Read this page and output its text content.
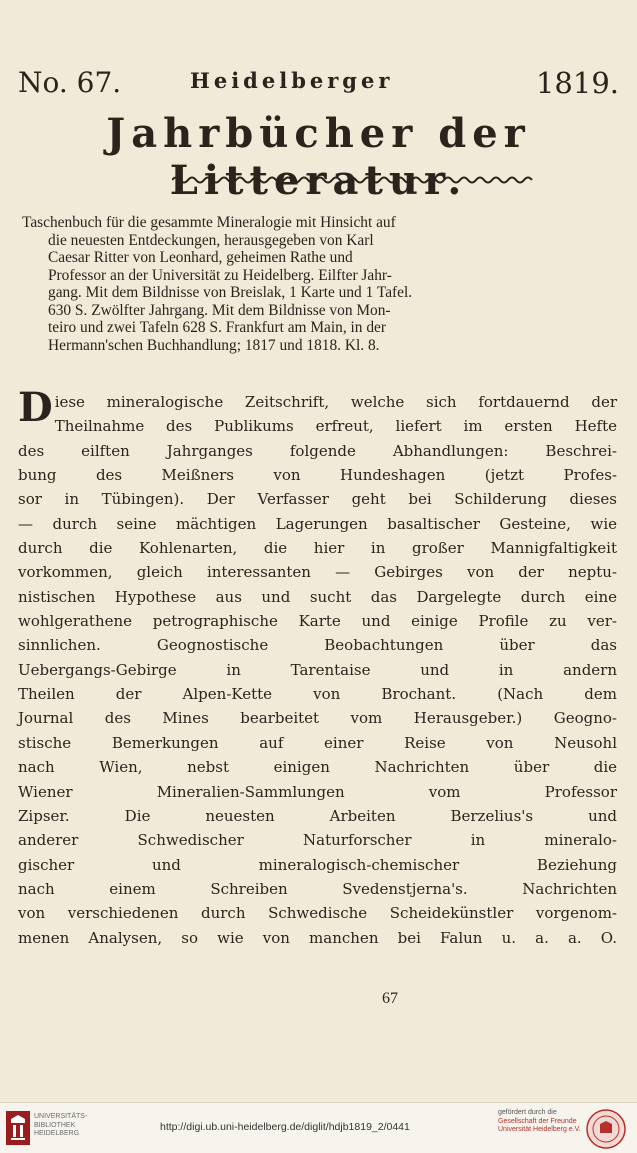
No. 67.	Heidelberger	1819.
Jahrbücher der Litteratur.
Taschenbuch für die gesammte Mineralogie mit Hinsicht auf
die neuesten Entdeckungen, herausgegeben von Karl
Caesar Ritter von Leonhard, geheimen Rathe und
Professor an der Universität zu Heidelberg. Eilfter Jahr-
gang. Mit dem Bildnisse von Breislak, 1 Karte und 1 Tafel.
630 S. Zwölfter Jahrgang. Mit dem Bildnisse von Mon-
teiro und zwei Tafeln 628 S. Frankfurt am Main, in der
Hermann'schen Buchhandlung; 1817 und 1818. Kl. 8.
D iese mineralogische Zeitschrift, welche sich fortdauernd der
Theilnahme des Publikums erfreut, liefert im ersten Hefte
des eilften Jahrganges folgende Abhandlungen: Beschrei-
bung des Meißners von Hundeshagen (jetzt Profes-
sor in Tübingen). Der Verfasser geht bei Schilderung dieses
— durch seine mächtigen Lagerungen basaltischer Gesteine, wie
durch die Kohlenarten, die hier in großer Mannigfaltigkeit
vorkommen, gleich interessanten — Gebirges von der neptu-
nistischen Hypothese aus und sucht das Dargelegte durch eine
wohlgerathene petrographische Karte und einige Profile zu ver-
sinnlichen. Geognostische Beobachtungen über das
Uebergangs-Gebirge in Tarentaise und in andern
Theilen der Alpen-Kette von Brochant. (Nach dem
Journal des Mines bearbeitet vom Herausgeber.) Geogno-
stische Bemerkungen auf einer Reise von Neusohl
nach Wien, nebst einigen Nachrichten über die
Wiener Mineralien-Sammlungen vom Professor
Zipser. Die neuesten Arbeiten Berzelius's und
anderer Schwedischer Naturforscher in mineralo-
gischer und mineralogisch-chemischer Beziehung
nach einem Schreiben Svedenstjerna's. Nachrichten
von verschiedenen durch Schwedische Scheidekünstler vorgenom-
menen Analysen, so wie von manchen bei Falun u. a. a. O.
67
UNIVERSITÄTS-
BIBLIOTHEK
HEIDELBERG
http://digi.ub.uni-heidelberg.de/diglit/hdjb1819_2/0441
gefördert durch die
Gesellschaft der Freunde
Universität Heidelberg e.V.
